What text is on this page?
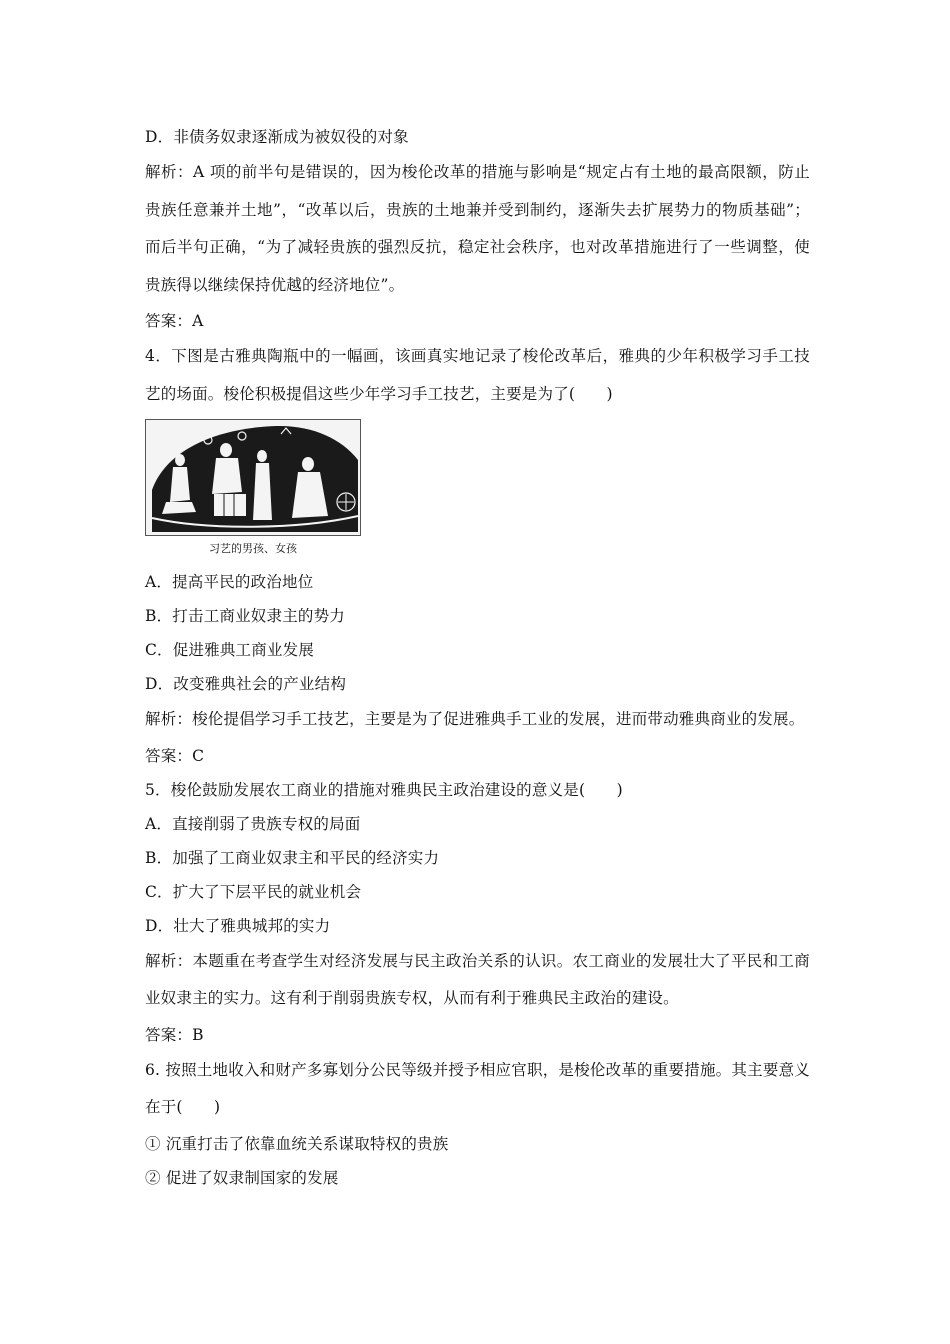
D．非债务奴隶逐渐成为被奴役的对象
解析：A 项的前半句是错误的，因为梭伦改革的措施与影响是“规定占有土地的最高限额，防止贵族任意兼并土地”，“改革以后，贵族的土地兼并受到制约，逐渐失去扩展势力的物质基础”；而后半句正确，“为了减轻贵族的强烈反抗，稳定社会秩序，也对改革措施进行了一些调整，使贵族得以继续保持优越的经济地位”。
答案：A
4．下图是古雅典陶瓶中的一幅画，该画真实地记录了梭伦改革后，雅典的少年积极学习手工技艺的场面。梭伦积极提倡这些少年学习手工技艺，主要是为了(　　)
习艺的男孩、女孩
A．提高平民的政治地位
B．打击工商业奴隶主的势力
C．促进雅典工商业发展
D．改变雅典社会的产业结构
解析：梭伦提倡学习手工技艺，主要是为了促进雅典手工业的发展，进而带动雅典商业的发展。
答案：C
5．梭伦鼓励发展农工商业的措施对雅典民主政治建设的意义是(　　)
A．直接削弱了贵族专权的局面
B．加强了工商业奴隶主和平民的经济实力
C．扩大了下层平民的就业机会
D．壮大了雅典城邦的实力
解析：本题重在考查学生对经济发展与民主政治关系的认识。农工商业的发展壮大了平民和工商业奴隶主的实力。这有利于削弱贵族专权，从而有利于雅典民主政治的建设。
答案：B
6. 按照土地收入和财产多寡划分公民等级并授予相应官职，是梭伦改革的重要措施。其主要意义在于(　　)
① 沉重打击了依靠血统关系谋取特权的贵族
② 促进了奴隶制国家的发展
